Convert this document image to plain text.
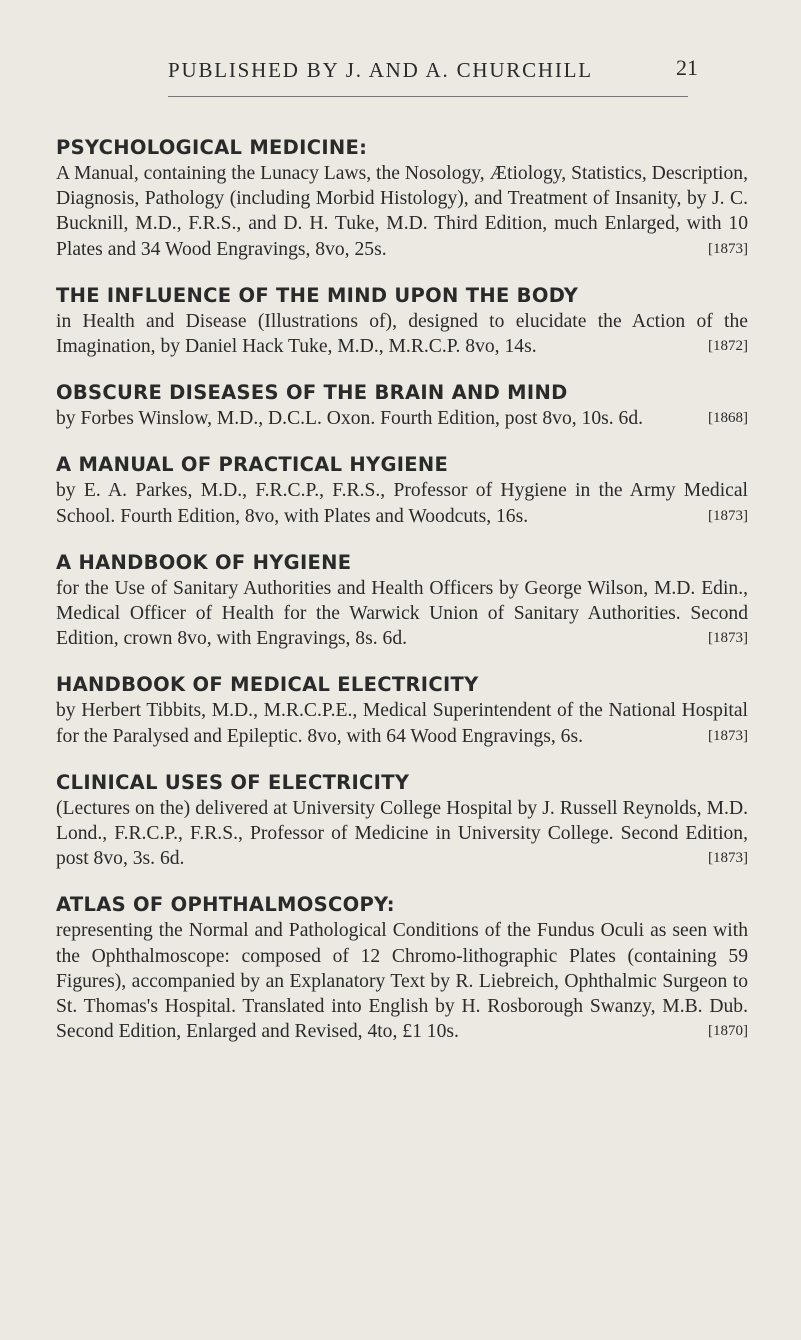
PUBLISHED BY J. AND A. CHURCHILL	21
PSYCHOLOGICAL MEDICINE:
A Manual, containing the Lunacy Laws, the Nosology, Ætiology, Statistics, Description, Diagnosis, Pathology (including Morbid Histology), and Treatment of Insanity, by J. C. Bucknill, M.D., F.R.S., and D. H. Tuke, M.D. Third Edition, much Enlarged, with 10 Plates and 34 Wood Engravings, 8vo, 25s.	[1873]
THE INFLUENCE OF THE MIND UPON THE BODY
in Health and Disease (Illustrations of), designed to elucidate the Action of the Imagination, by Daniel Hack Tuke, M.D., M.R.C.P. 8vo, 14s.	[1872]
OBSCURE DISEASES OF THE BRAIN AND MIND
by Forbes Winslow, M.D., D.C.L. Oxon. Fourth Edition, post 8vo, 10s. 6d.	[1868]
A MANUAL OF PRACTICAL HYGIENE
by E. A. Parkes, M.D., F.R.C.P., F.R.S., Professor of Hygiene in the Army Medical School. Fourth Edition, 8vo, with Plates and Woodcuts, 16s.	[1873]
A HANDBOOK OF HYGIENE
for the Use of Sanitary Authorities and Health Officers by George Wilson, M.D. Edin., Medical Officer of Health for the Warwick Union of Sanitary Authorities. Second Edition, crown 8vo, with Engravings, 8s. 6d.	[1873]
HANDBOOK OF MEDICAL ELECTRICITY
by Herbert Tibbits, M.D., M.R.C.P.E., Medical Superintendent of the National Hospital for the Paralysed and Epileptic. 8vo, with 64 Wood Engravings, 6s.	[1873]
CLINICAL USES OF ELECTRICITY
(Lectures on the) delivered at University College Hospital by J. Russell Reynolds, M.D. Lond., F.R.C.P., F.R.S., Professor of Medicine in University College. Second Edition, post 8vo, 3s. 6d.	[1873]
ATLAS OF OPHTHALMOSCOPY:
representing the Normal and Pathological Conditions of the Fundus Oculi as seen with the Ophthalmoscope: composed of 12 Chromo-lithographic Plates (containing 59 Figures), accompanied by an Explanatory Text by R. Liebreich, Ophthalmic Surgeon to St. Thomas's Hospital. Translated into English by H. Rosborough Swanzy, M.B. Dub. Second Edition, Enlarged and Revised, 4to, £1 10s.	[1870]
